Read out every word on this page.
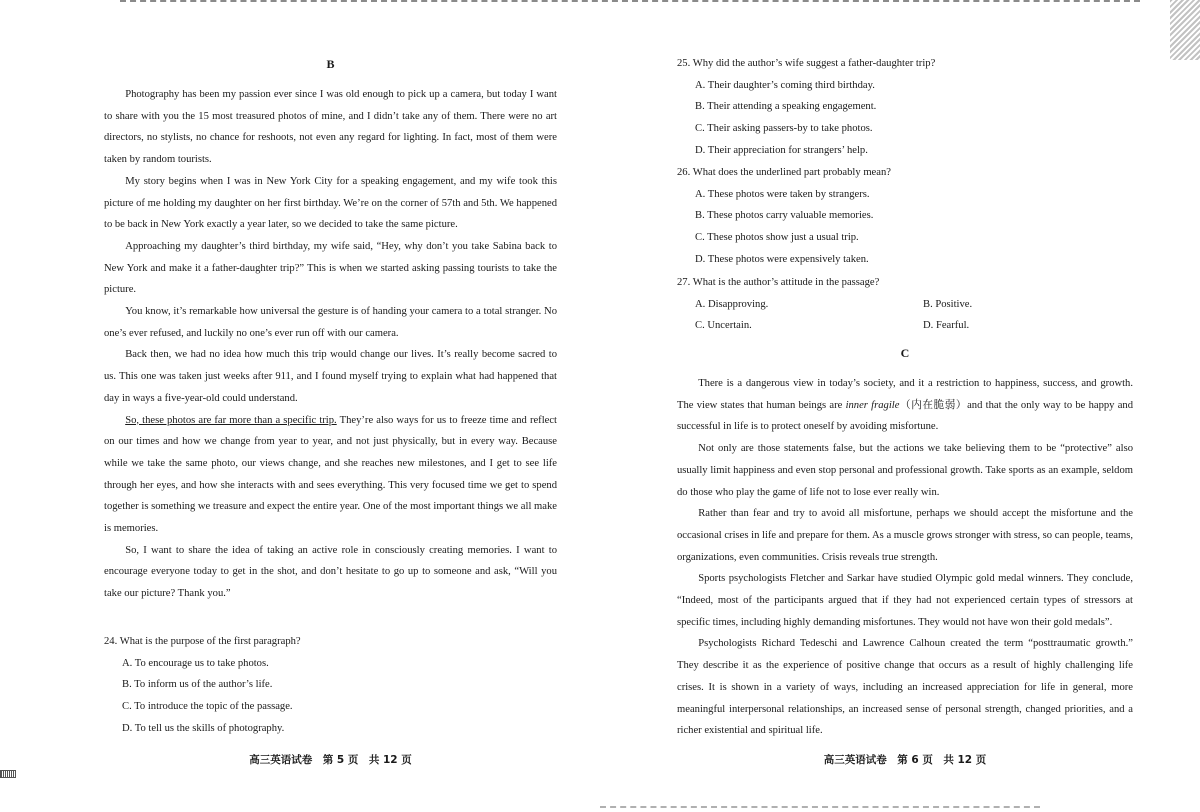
B

Photography has been my passion ever since I was old enough to pick up a camera, but today I want to share with you the 15 most treasured photos of mine, and I didn’t take any of them. There were no art directors, no stylists, no chance for reshoots, not even any regard for lighting. In fact, most of them were taken by random tourists.

My story begins when I was in New York City for a speaking engagement, and my wife took this picture of me holding my daughter on her first birthday. We’re on the corner of 57th and 5th. We happened to be back in New York exactly a year later, so we decided to take the same picture.

Approaching my daughter’s third birthday, my wife said, “Hey, why don’t you take Sabina back to New York and make it a father-daughter trip?” This is when we started asking passing tourists to take the picture.

You know, it’s remarkable how universal the gesture is of handing your camera to a total stranger. No one’s ever refused, and luckily no one’s ever run off with our camera.

Back then, we had no idea how much this trip would change our lives. It’s really become sacred to us. This one was taken just weeks after 911, and I found myself trying to explain what had happened that day in ways a five-year-old could understand.

So, these photos are far more than a specific trip. They’re also ways for us to freeze time and reflect on our times and how we change from year to year, and not just physically, but in every way. Because while we take the same photo, our views change, and she reaches new milestones, and I get to see life through her eyes, and how she interacts with and sees everything. This very focused time we get to spend together is something we treasure and expect the entire year. One of the most important things we all make is memories.

So, I want to share the idea of taking an active role in consciously creating memories. I want to encourage everyone today to get in the shot, and don’t hesitate to go up to someone and ask, “Will you take our picture? Thank you.”

24. What is the purpose of the first paragraph?

A. To encourage us to take photos.

B. To inform us of the author’s life.

C. To introduce the topic of the passage.

D. To tell us the skills of photography.

高三英语试卷　第 5 页　共 12 页

25. Why did the author’s wife suggest a father-daughter trip?

A. Their daughter’s coming third birthday.

B. Their attending a speaking engagement.

C. Their asking passers-by to take photos.

D. Their appreciation for strangers’ help.

26. What does the underlined part probably mean?

A. These photos were taken by strangers.

B. These photos carry valuable memories.

C. These photos show just a usual trip.

D. These photos were expensively taken.

27. What is the author’s attitude in the passage?

A. Disapproving.	B. Positive.

C. Uncertain.	D. Fearful.

C

There is a dangerous view in today’s society, and it a restriction to happiness, success, and growth. The view states that human beings are inner fragile（内在脆弱）and that the only way to be happy and successful in life is to protect oneself by avoiding misfortune.

Not only are those statements false, but the actions we take believing them to be “protective” also usually limit happiness and even stop personal and professional growth. Take sports as an example, seldom do those who play the game of life not to lose ever really win.

Rather than fear and try to avoid all misfortune, perhaps we should accept the misfortune and the occasional crises in life and prepare for them. As a muscle grows stronger with stress, so can people, teams, organizations, even communities. Crisis reveals true strength.

Sports psychologists Fletcher and Sarkar have studied Olympic gold medal winners. They conclude, “Indeed, most of the participants argued that if they had not experienced certain types of stressors at specific times, including highly demanding misfortunes. They would not have won their gold medals”.

Psychologists Richard Tedeschi and Lawrence Calhoun created the term “posttraumatic growth.” They describe it as the experience of positive change that occurs as a result of highly challenging life crises. It is shown in a variety of ways, including an increased appreciation for life in general, more meaningful interpersonal relationships, an increased sense of personal strength, changed priorities, and a richer existential and spiritual life.

高三英语试卷　第 6 页　共 12 页
